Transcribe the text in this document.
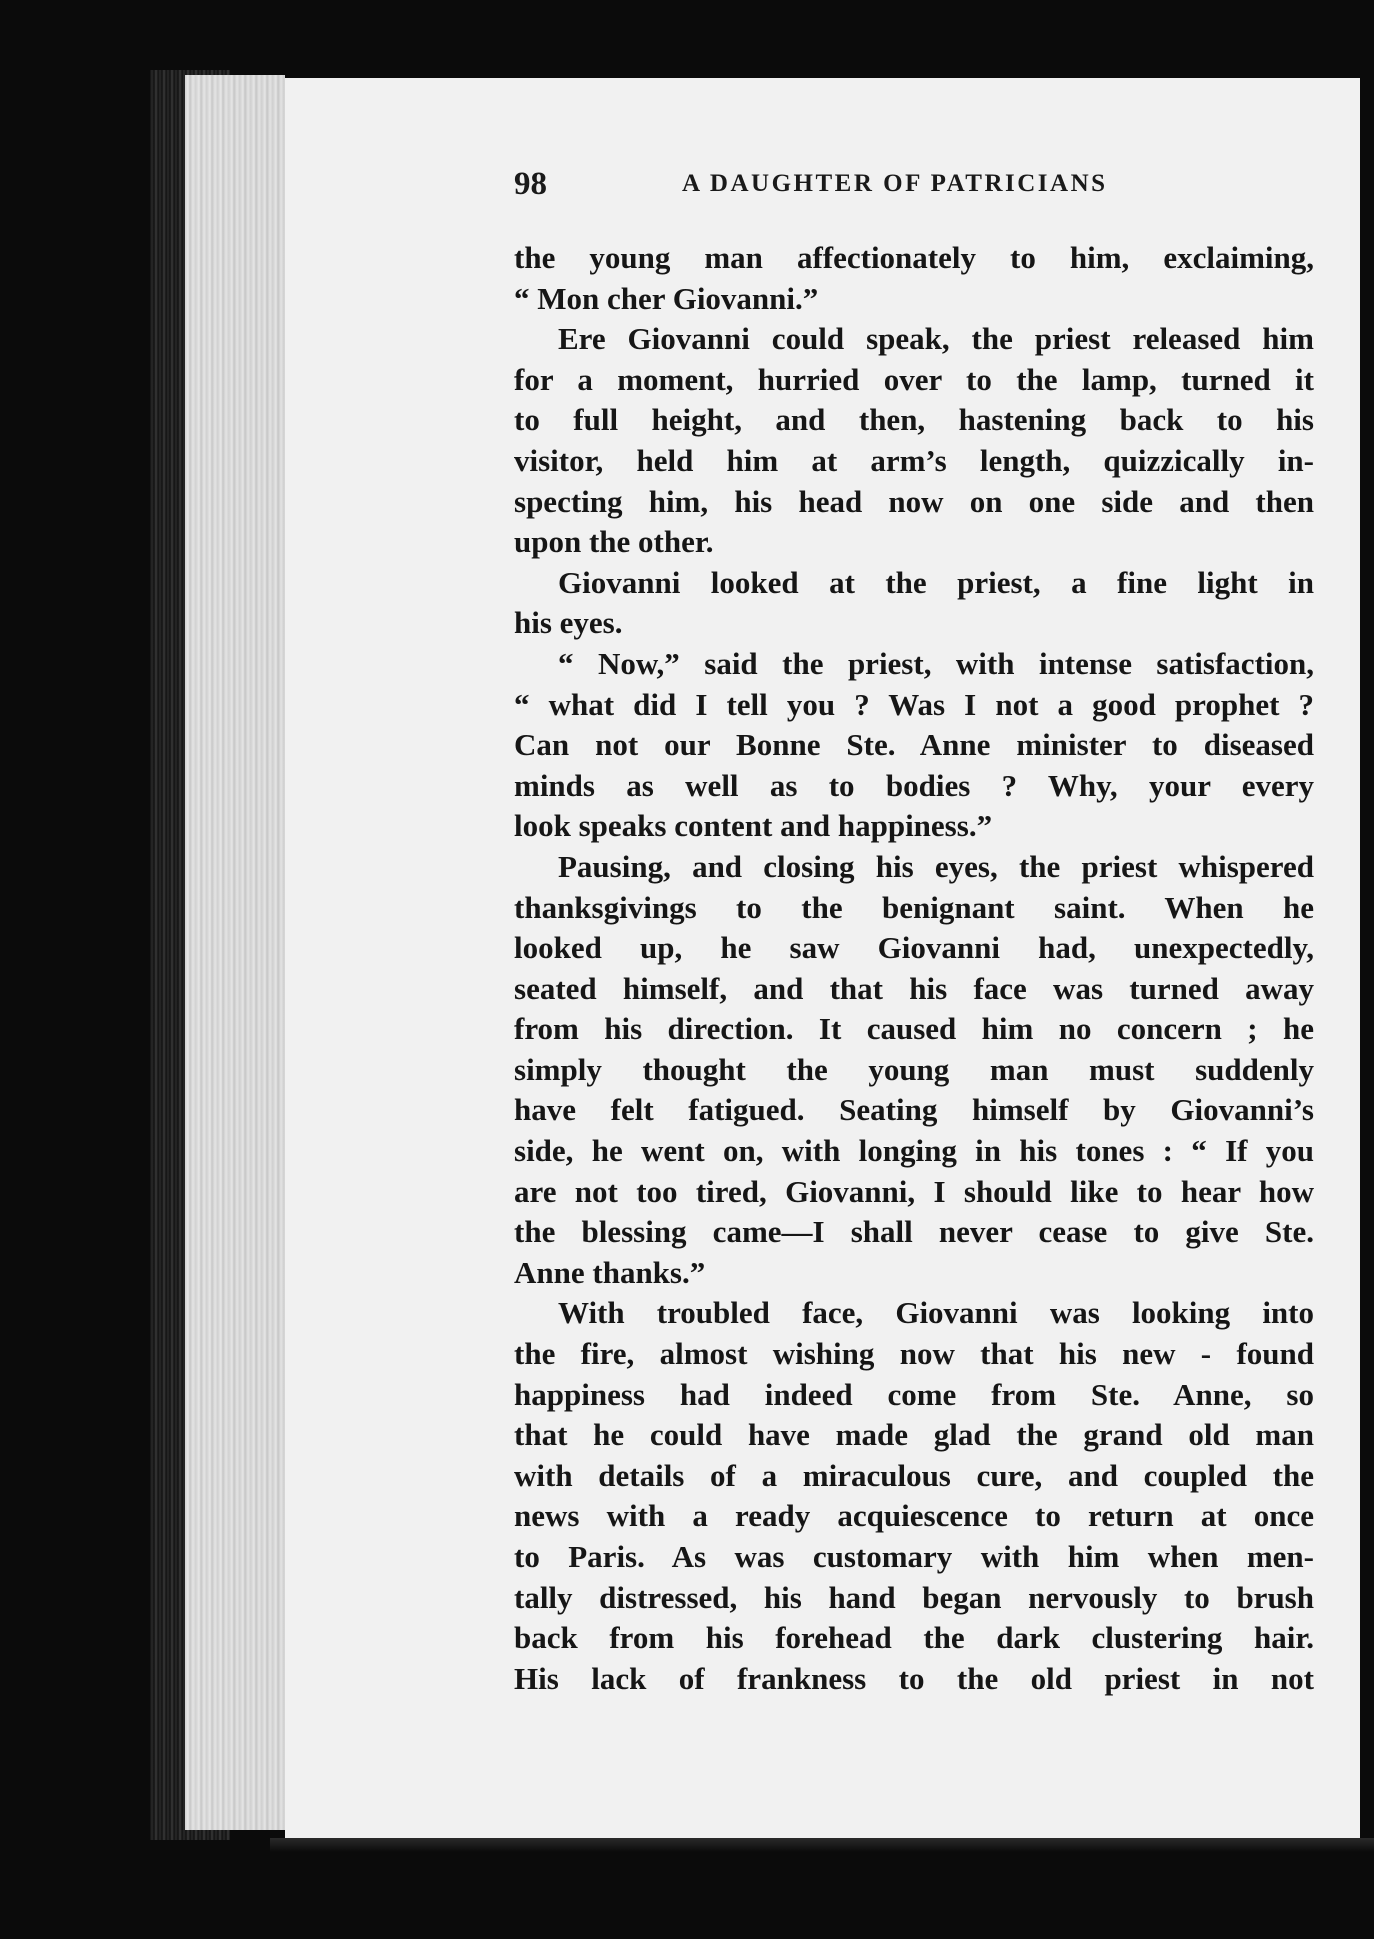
98	A DAUGHTER OF PATRICIANS
the young man affectionately to him, exclaiming,
“ Mon cher Giovanni.”
Ere Giovanni could speak, the priest released him
for a moment, hurried over to the lamp, turned it
to full height, and then, hastening back to his
visitor, held him at arm’s length, quizzically in-
specting him, his head now on one side and then
upon the other.
Giovanni looked at the priest, a fine light in
his eyes.
“ Now,” said the priest, with intense satisfaction,
“ what did I tell you ? Was I not a good prophet ?
Can not our Bonne Ste. Anne minister to diseased
minds as well as to bodies ? Why, your every
look speaks content and happiness.”
Pausing, and closing his eyes, the priest whispered
thanksgivings to the benignant saint. When he
looked up, he saw Giovanni had, unexpectedly,
seated himself, and that his face was turned away
from his direction. It caused him no concern ; he
simply thought the young man must suddenly
have felt fatigued. Seating himself by Giovanni’s
side, he went on, with longing in his tones : “ If you
are not too tired, Giovanni, I should like to hear how
the blessing came—I shall never cease to give Ste.
Anne thanks.”
With troubled face, Giovanni was looking into
the fire, almost wishing now that his new - found
happiness had indeed come from Ste. Anne, so
that he could have made glad the grand old man
with details of a miraculous cure, and coupled the
news with a ready acquiescence to return at once
to Paris. As was customary with him when men-
tally distressed, his hand began nervously to brush
back from his forehead the dark clustering hair.
His lack of frankness to the old priest in not
